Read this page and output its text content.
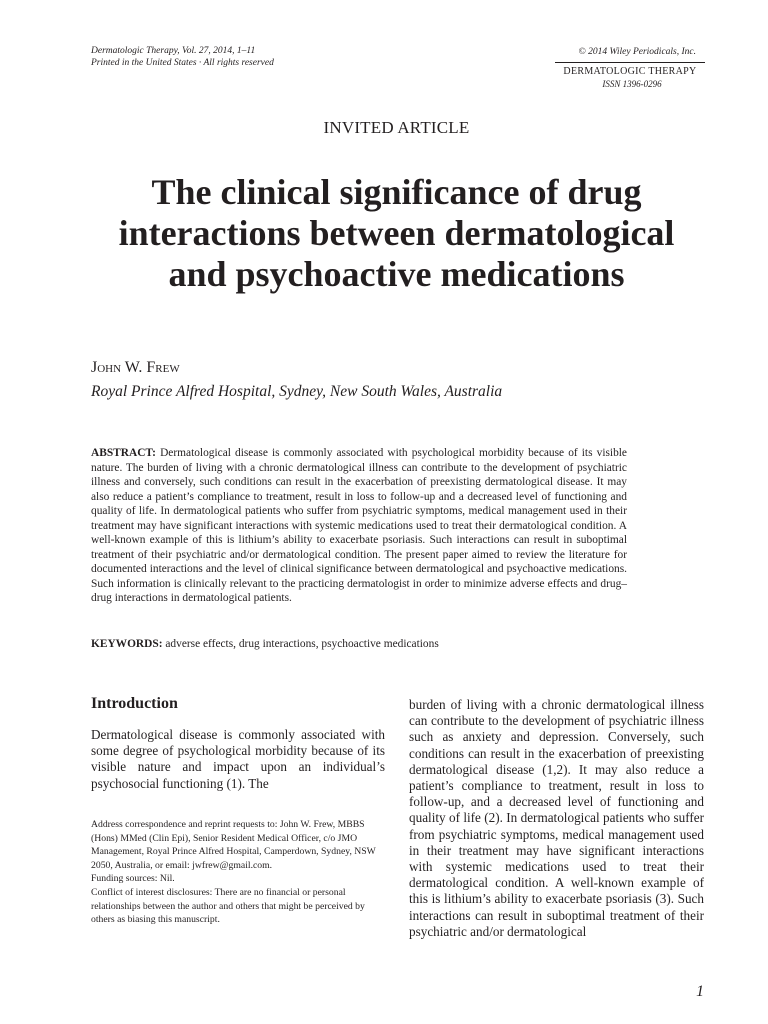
Dermatologic Therapy, Vol. 27, 2014, 1–11
Printed in the United States · All rights reserved
© 2014 Wiley Periodicals, Inc.
DERMATOLOGIC THERAPY
ISSN 1396-0296
INVITED ARTICLE
The clinical significance of drug interactions between dermatological and psychoactive medications
John W. Frew
Royal Prince Alfred Hospital, Sydney, New South Wales, Australia

ABSTRACT: Dermatological disease is commonly associated with psychological morbidity because of its visible nature. The burden of living with a chronic dermatological illness can contribute to the development of psychiatric illness and conversely, such conditions can result in the exacerbation of preexisting dermatological disease. It may also reduce a patient’s compliance to treatment, result in loss to follow-up and a decreased level of functioning and quality of life. In dermatological patients who suffer from psychiatric symptoms, medical management used in their treatment may have significant interactions with systemic medications used to treat their dermatological condition. A well-known example of this is lithium’s ability to exacerbate psoriasis. Such interactions can result in suboptimal treatment of their psychiatric and/or dermatological condition. The present paper aimed to review the literature for documented interactions and the level of clinical significance between dermatological and psychoactive medications. Such information is clinically relevant to the practicing dermatologist in order to minimize adverse effects and drug–drug interactions in dermatological patients.

KEYWORDS: adverse effects, drug interactions, psychoactive medications
Introduction

Dermatological disease is commonly associated with some degree of psychological morbidity because of its visible nature and impact upon an individual’s psychosocial functioning (1). The

Address correspondence and reprint requests to: John W. Frew, MBBS (Hons) MMed (Clin Epi), Senior Resident Medical Officer, c/o JMO Management, Royal Prince Alfred Hospital, Camperdown, Sydney, NSW 2050, Australia, or email: jwfrew@gmail.com.
Funding sources: Nil.
Conflict of interest disclosures: There are no financial or personal relationships between the author and others that might be perceived by others as biasing this manuscript.

burden of living with a chronic dermatological illness can contribute to the development of psychiatric illness such as anxiety and depression. Conversely, such conditions can result in the exacerbation of preexisting dermatological disease (1,2). It may also reduce a patient’s compliance to treatment, result in loss to follow-up, and a decreased level of functioning and quality of life (2). In dermatological patients who suffer from psychiatric symptoms, medical management used in their treatment may have significant interactions with systemic medications used to treat their dermatological condition. A well-known example of this is lithium’s ability to exacerbate psoriasis (3). Such interactions can result in suboptimal treatment of their psychiatric and/or dermatological

1
